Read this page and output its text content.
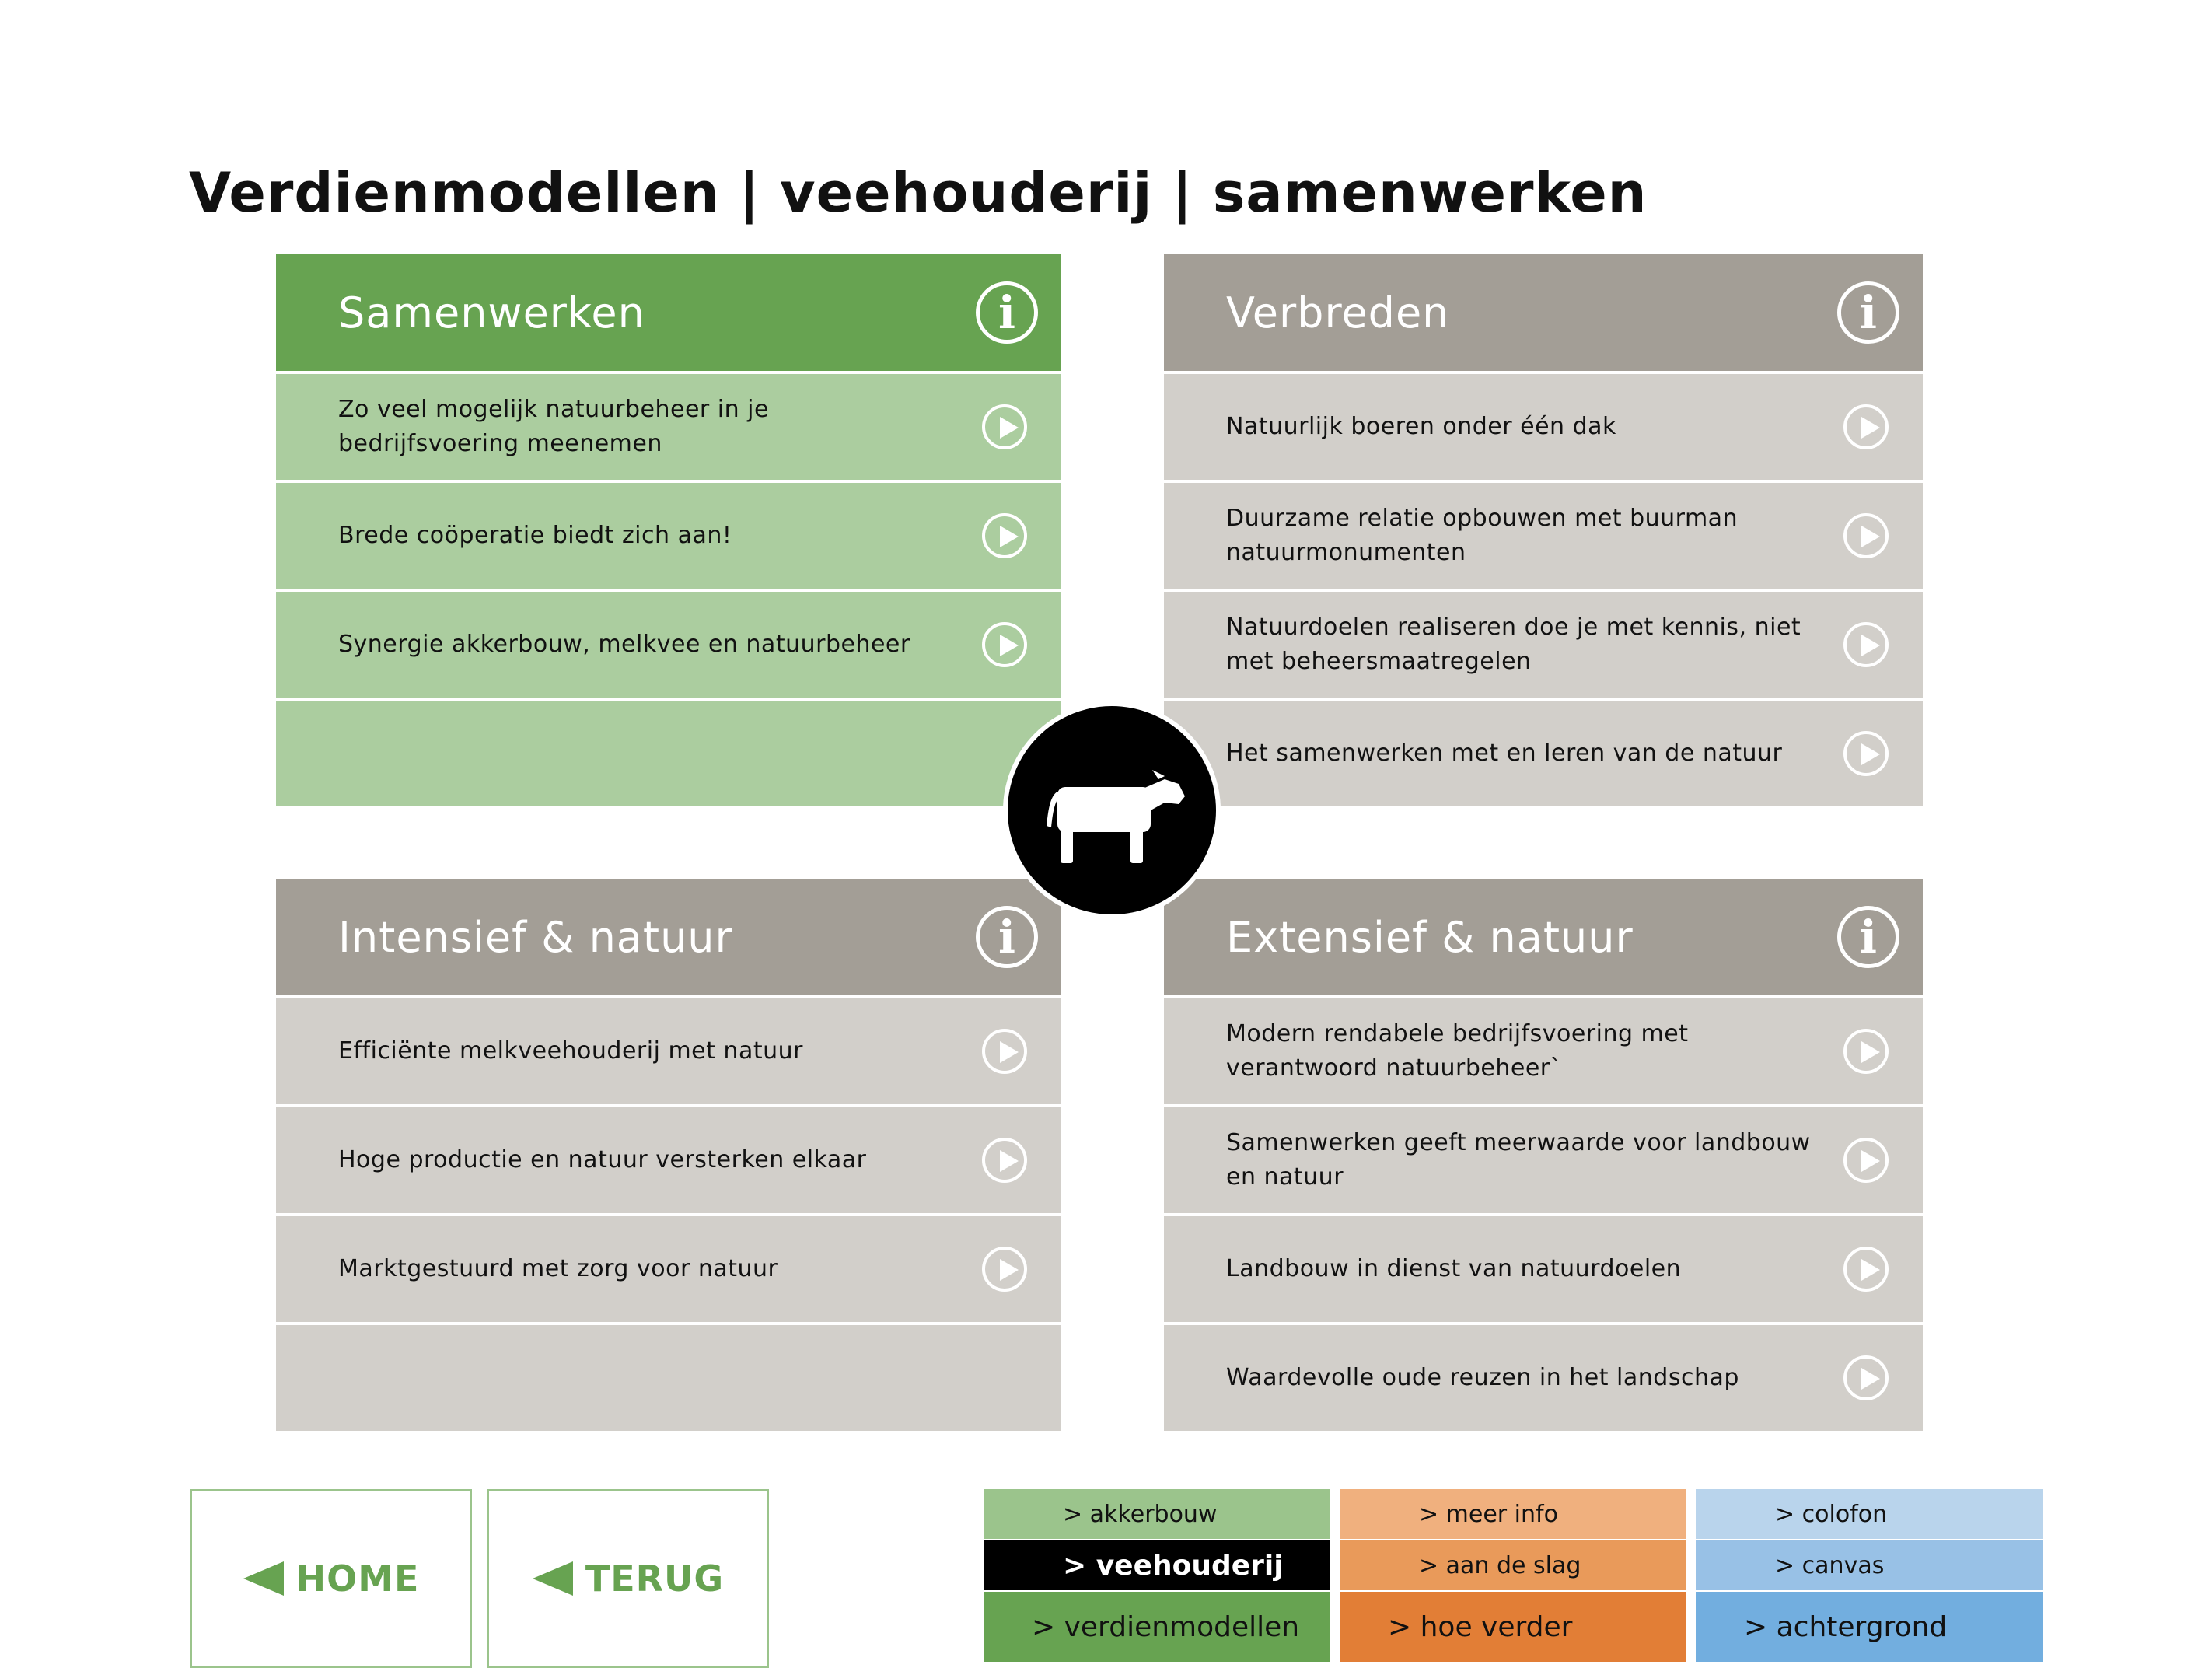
Verdienmodellen | veehouderij | samenwerken
Samenwerken	i
Zo veel mogelijk natuurbeheer in je bedrijfsvoering meenemen
Brede coöperatie biedt zich aan!
Synergie akkerbouw, melkvee en natuurbeheer
Verbreden	i
Natuurlijk boeren onder één dak
Duurzame relatie opbouwen met buurman natuurmonumenten
Natuurdoelen realiseren doe je met kennis, niet met beheersmaatregelen
Het samenwerken met en leren van de natuur
Intensief & natuur	i
Efficiënte melkveehouderij met natuur
Hoge productie en natuur versterken elkaar
Marktgestuurd met zorg voor natuur
Extensief & natuur	i
Modern rendabele bedrijfsvoering met verantwoord natuurbeheer`
Samenwerken geeft meerwaarde voor landbouw en natuur
Landbouw in dienst van natuurdoelen
Waardevolle oude reuzen in het landschap
HOME	TERUG
> akkerbouw
> veehouderij
> verdienmodellen
> meer info
> aan de slag
> hoe verder
> colofon
> canvas
> achtergrond
